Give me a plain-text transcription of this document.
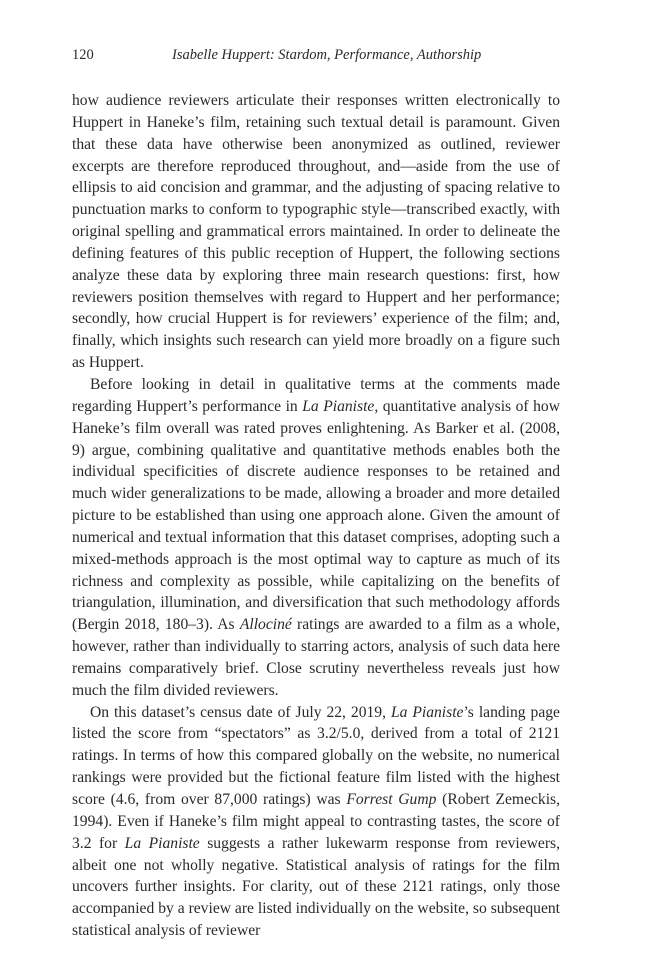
120	Isabelle Huppert: Stardom, Performance, Authorship

how audience reviewers articulate their responses written electronically to Huppert in Haneke’s film, retaining such textual detail is paramount. Given that these data have otherwise been anonymized as outlined, reviewer excerpts are therefore reproduced throughout, and—aside from the use of ellipsis to aid concision and grammar, and the adjusting of spacing relative to punctuation marks to conform to typographic style—transcribed exactly, with original spelling and grammatical errors maintained. In order to delineate the defining features of this public reception of Huppert, the following sections analyze these data by exploring three main research questions: first, how reviewers position themselves with regard to Huppert and her performance; secondly, how crucial Huppert is for reviewers’ experience of the film; and, finally, which insights such research can yield more broadly on a figure such as Huppert.

Before looking in detail in qualitative terms at the comments made regarding Huppert’s performance in La Pianiste, quantitative analysis of how Haneke’s film overall was rated proves enlightening. As Barker et al. (2008, 9) argue, combining qualitative and quantitative methods enables both the individual specificities of discrete audience responses to be retained and much wider generalizations to be made, allowing a broader and more detailed picture to be established than using one approach alone. Given the amount of numerical and textual information that this dataset comprises, adopting such a mixed-methods approach is the most optimal way to capture as much of its richness and complexity as possible, while capitalizing on the benefits of triangulation, illumination, and diversification that such methodology affords (Bergin 2018, 180–3). As Allociné ratings are awarded to a film as a whole, however, rather than individually to starring actors, analysis of such data here remains comparatively brief. Close scrutiny nevertheless reveals just how much the film divided reviewers.

On this dataset’s census date of July 22, 2019, La Pianiste’s landing page listed the score from “spectators” as 3.2/5.0, derived from a total of 2121 ratings. In terms of how this compared globally on the website, no numerical rankings were provided but the fictional feature film listed with the highest score (4.6, from over 87,000 ratings) was Forrest Gump (Robert Zemeckis, 1994). Even if Haneke’s film might appeal to contrasting tastes, the score of 3.2 for La Pianiste suggests a rather lukewarm response from reviewers, albeit one not wholly negative. Statistical analysis of ratings for the film uncovers further insights. For clarity, out of these 2121 ratings, only those accompanied by a review are listed individually on the website, so subsequent statistical analysis of reviewer
